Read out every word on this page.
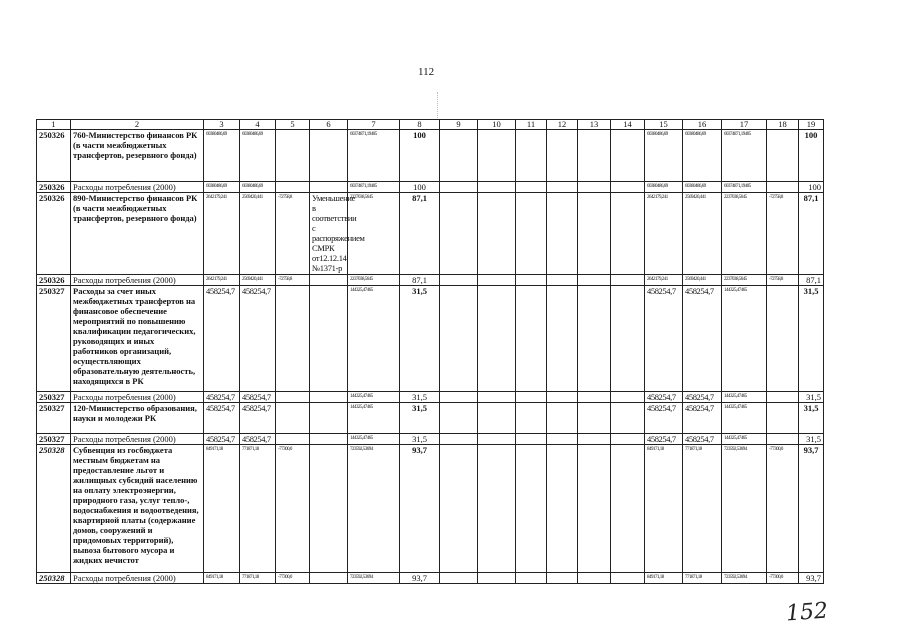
112
1	2	3	4	5	6	7	8	9	10	11	12	13	14	15	16	17	18	19
250326	760-Министерство финансов РК (в части межбюджетных трансфертов, резервного фонда)	60380486,69	60380486,69			60374871,19405	100							60380486,69	60380486,69	60374871,19405		100
250326	Расходы потребления (2000)	60380486,69	60380486,69			60374871,19405	100							60380486,69	60380486,69	60374871,19405		100
250326	890-Министерство финансов РК (в части межбюджетных трансфертов, резервного фонда)	2642179,241	2569420,441	-72758,8	Уменьшение в соответствии с распоряжением СМРК от12.12.14 №1371-р	2237038,5645	87,1							2642179,241	2569420,441	2237038,5645	-72758,8	87,1
250326	Расходы потребления (2000)	2642179,241	2569420,441	-72758,8		2237038,5645	87,1							2642179,241	2569420,441	2237038,5645	-72758,8	87,1
250327	Расходы за счет иных межбюджетных трансфертов на финансовое обеспечение мероприятий по повышению квалификации педагогических, руководящих и иных работников организаций, осуществляющих образовательную деятельность, находящихся в РК	458254,7	458254,7			144325,47465	31,5							458254,7	458254,7	144325,47465		31,5
250327	Расходы потребления (2000)	458254,7	458254,7			144325,47465	31,5							458254,7	458254,7	144325,47465		31,5
250327	120-Министерство образования, науки и молодежи РК	458254,7	458254,7			144325,47465	31,5							458254,7	458254,7	144325,47465		31,5
250327	Расходы потребления (2000)	458254,7	458254,7			144325,47465	31,5							458254,7	458254,7	144325,47465		31,5
250328	Субвенция из госбюджета местным бюджетам на предоставление льгот и жилищных субсидий населению на оплату электроэнергии, природного газа, услуг тепло-, водоснабжения и водоотведения, квартирной платы (содержание домов, сооружений и придомовых территорий), вывоза бытового мусора и жидких нечистот	849171,18	771871,18	-77300,0		723592,53694	93,7							849171,18	771871,18	723592,53694	-77300,0	93,7
250328	Расходы потребления (2000)	849171,18	771871,18	-77300,0		723592,53694	93,7							849171,18	771871,18	723592,53694	-77300,0	93,7
152
